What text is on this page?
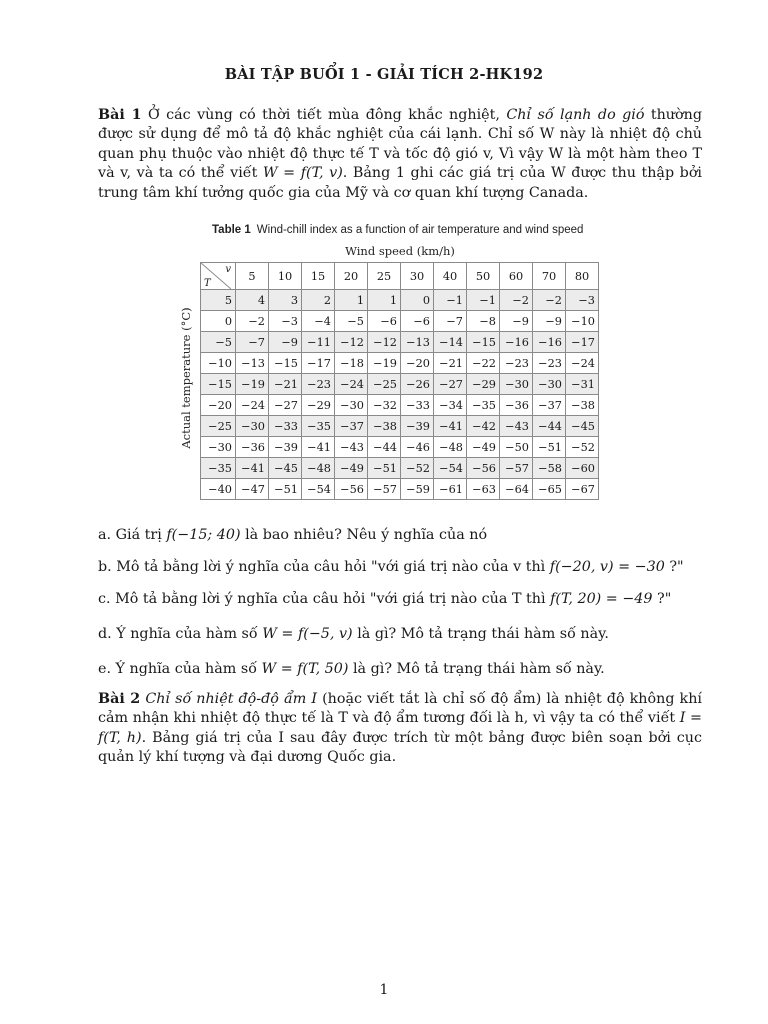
BÀI TẬP BUỔI 1 - GIẢI TÍCH 2-HK192
Bài 1 Ở các vùng có thời tiết mùa đông khắc nghiệt, Chỉ số lạnh do gió thường được sử dụng để mô tả độ khắc nghiệt của cái lạnh. Chỉ số W này là nhiệt độ chủ quan phụ thuộc vào nhiệt độ thực tế T và tốc độ gió v, Vì vậy W là một hàm theo T và v, và ta có thể viết W = f(T, v). Bảng 1 ghi các giá trị của W được thu thập bởi trung tâm khí tưởng quốc gia của Mỹ và cơ quan khí tượng Canada.
Table 1 Wind-chill index as a function of air temperature and wind speed
Wind speed (km/h)
Actual temperature (°C)
v
T	5	10	15	20	25	30	40	50	60	70	80
5	4	3	2	1	1	0	−1	−1	−2	−2	−3
0	−2	−3	−4	−5	−6	−6	−7	−8	−9	−9	−10
−5	−7	−9	−11	−12	−12	−13	−14	−15	−16	−16	−17
−10	−13	−15	−17	−18	−19	−20	−21	−22	−23	−23	−24
−15	−19	−21	−23	−24	−25	−26	−27	−29	−30	−30	−31
−20	−24	−27	−29	−30	−32	−33	−34	−35	−36	−37	−38
−25	−30	−33	−35	−37	−38	−39	−41	−42	−43	−44	−45
−30	−36	−39	−41	−43	−44	−46	−48	−49	−50	−51	−52
−35	−41	−45	−48	−49	−51	−52	−54	−56	−57	−58	−60
−40	−47	−51	−54	−56	−57	−59	−61	−63	−64	−65	−67
a. Giá trị f(−15; 40) là bao nhiêu? Nêu ý nghĩa của nó
b. Mô tả bằng lời ý nghĩa của câu hỏi "với giá trị nào của v thì f(−20, v) = −30 ?"
c. Mô tả bằng lời ý nghĩa của câu hỏi "với giá trị nào của T thì f(T, 20) = −49 ?"
d. Ý nghĩa của hàm số W = f(−5, v) là gì? Mô tả trạng thái hàm số này.
e. Ý nghĩa của hàm số W = f(T, 50) là gì? Mô tả trạng thái hàm số này.
Bài 2 Chỉ số nhiệt độ-độ ẩm I (hoặc viết tắt là chỉ số độ ẩm) là nhiệt độ không khí cảm nhận khi nhiệt độ thực tế là T và độ ẩm tương đối là h, vì vậy ta có thể viết I = f(T, h). Bảng giá trị của I sau đây được trích từ một bảng được biên soạn bởi cục quản lý khí tượng và đại dương Quốc gia.
1
